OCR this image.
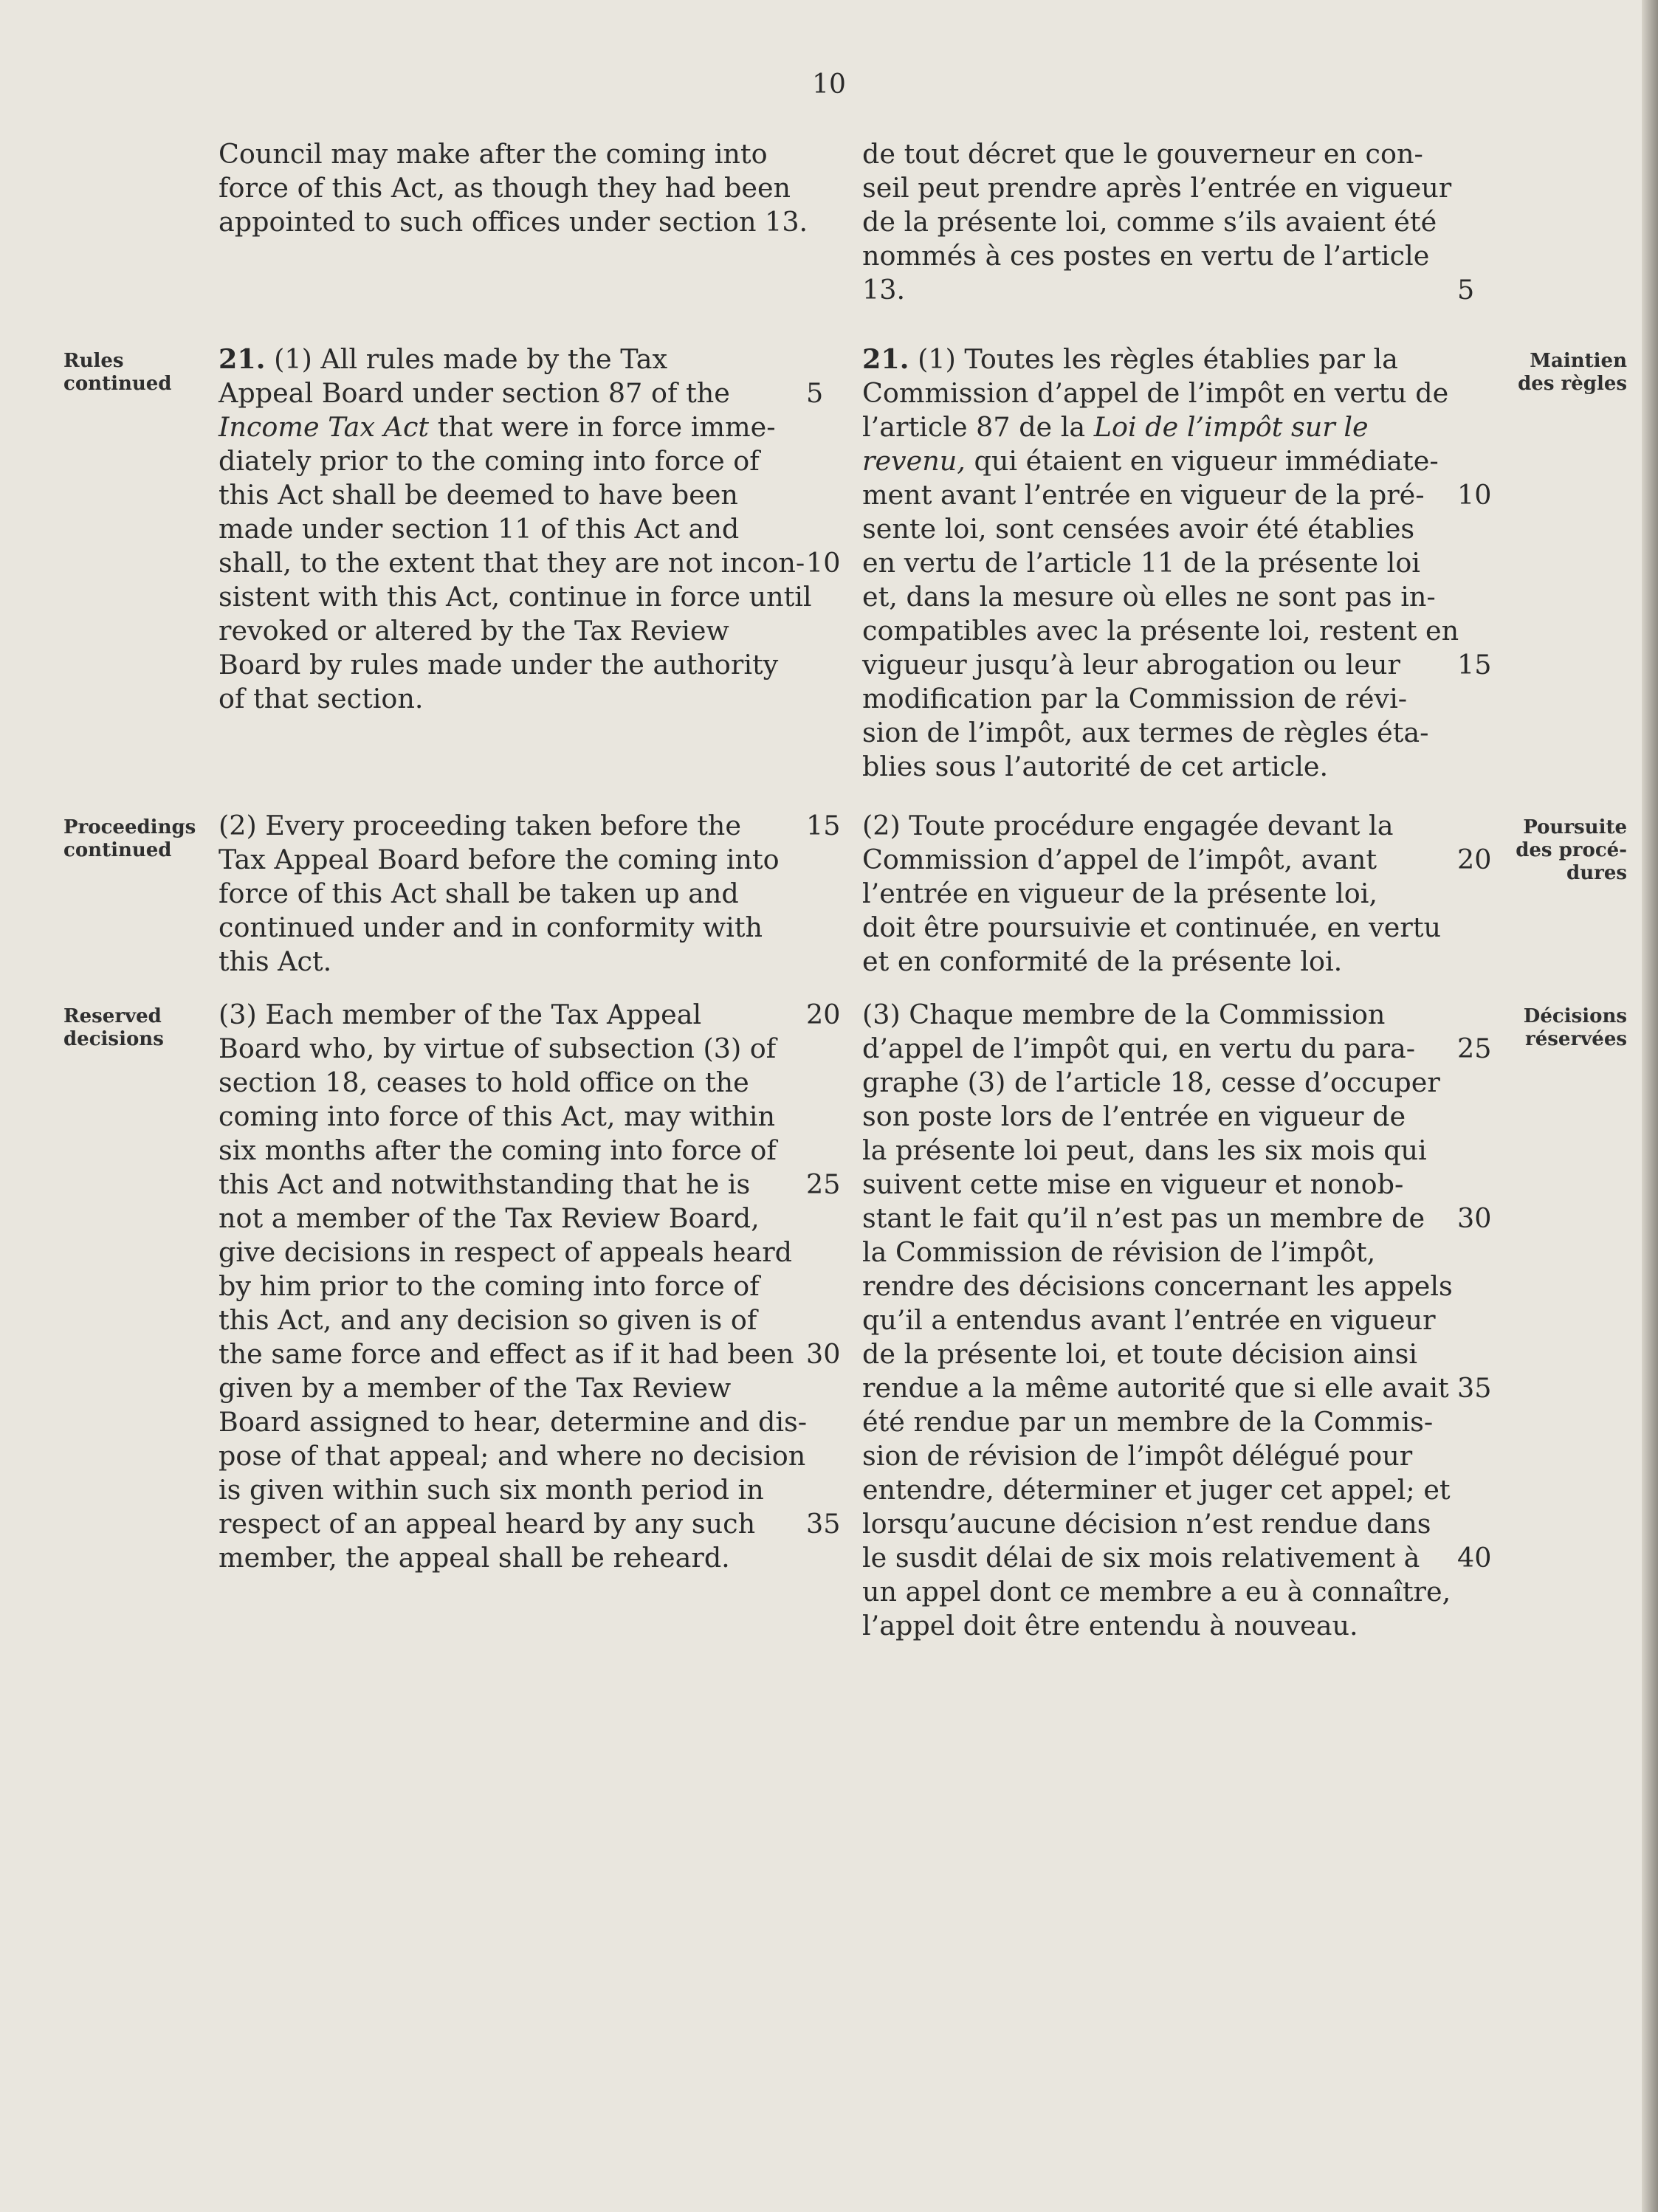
10
Council may make after the coming into
force of this Act, as though they had been
appointed to such offices under section 13.
de tout décret que le gouverneur en con-
seil peut prendre après l’entrée en vigueur
de la présente loi, comme s’ils avaient été
nommés à ces postes en vertu de l’article
13.	5
Rules
continued
Maintien
des règles
21. (1) All rules made by the Tax
Appeal Board under section 87 of the
Income Tax Act that were in force imme-
diately prior to the coming into force of
this Act shall be deemed to have been
made under section 11 of this Act and
shall, to the extent that they are not incon-
sistent with this Act, continue in force until
revoked or altered by the Tax Review
Board by rules made under the authority
of that section.
5
10
21. (1) Toutes les règles établies par la
Commission d’appel de l’impôt en vertu de
l’article 87 de la Loi de l’impôt sur le
revenu, qui étaient en vigueur immédiate-
ment avant l’entrée en vigueur de la pré-
sente loi, sont censées avoir été établies
en vertu de l’article 11 de la présente loi
et, dans la mesure où elles ne sont pas in-
compatibles avec la présente loi, restent en
vigueur jusqu’à leur abrogation ou leur
modification par la Commission de révi-
sion de l’impôt, aux termes de règles éta-
blies sous l’autorité de cet article.
10
15
Proceedings
continued
Poursuite
des procé-
dures
(2) Every proceeding taken before the
Tax Appeal Board before the coming into
force of this Act shall be taken up and
continued under and in conformity with
this Act.
15 (2) Toute procédure engagée devant la
Commission d’appel de l’impôt, avant
l’entrée en vigueur de la présente loi,
doit être poursuivie et continuée, en vertu
et en conformité de la présente loi.
20
Reserved
decisions
Décisions
réservées
(3) Each member of the Tax Appeal
Board who, by virtue of subsection (3) of
section 18, ceases to hold office on the
coming into force of this Act, may within
six months after the coming into force of
this Act and notwithstanding that he is
not a member of the Tax Review Board,
give decisions in respect of appeals heard
by him prior to the coming into force of
this Act, and any decision so given is of
the same force and effect as if it had been
given by a member of the Tax Review
Board assigned to hear, determine and dis-
pose of that appeal; and where no decision
is given within such six month period in
respect of an appeal heard by any such
member, the appeal shall be reheard.
20
25
30
35
(3) Chaque membre de la Commission
d’appel de l’impôt qui, en vertu du para-
graphe (3) de l’article 18, cesse d’occuper
son poste lors de l’entrée en vigueur de
la présente loi peut, dans les six mois qui
suivent cette mise en vigueur et nonob-
stant le fait qu’il n’est pas un membre de
la Commission de révision de l’impôt,
rendre des décisions concernant les appels
qu’il a entendus avant l’entrée en vigueur
de la présente loi, et toute décision ainsi
rendue a la même autorité que si elle avait
été rendue par un membre de la Commis-
sion de révision de l’impôt délégué pour
entendre, déterminer et juger cet appel; et
lorsqu’aucune décision n’est rendue dans
le susdit délai de six mois relativement à
un appel dont ce membre a eu à connaître,
l’appel doit être entendu à nouveau.
25
30
35
40
